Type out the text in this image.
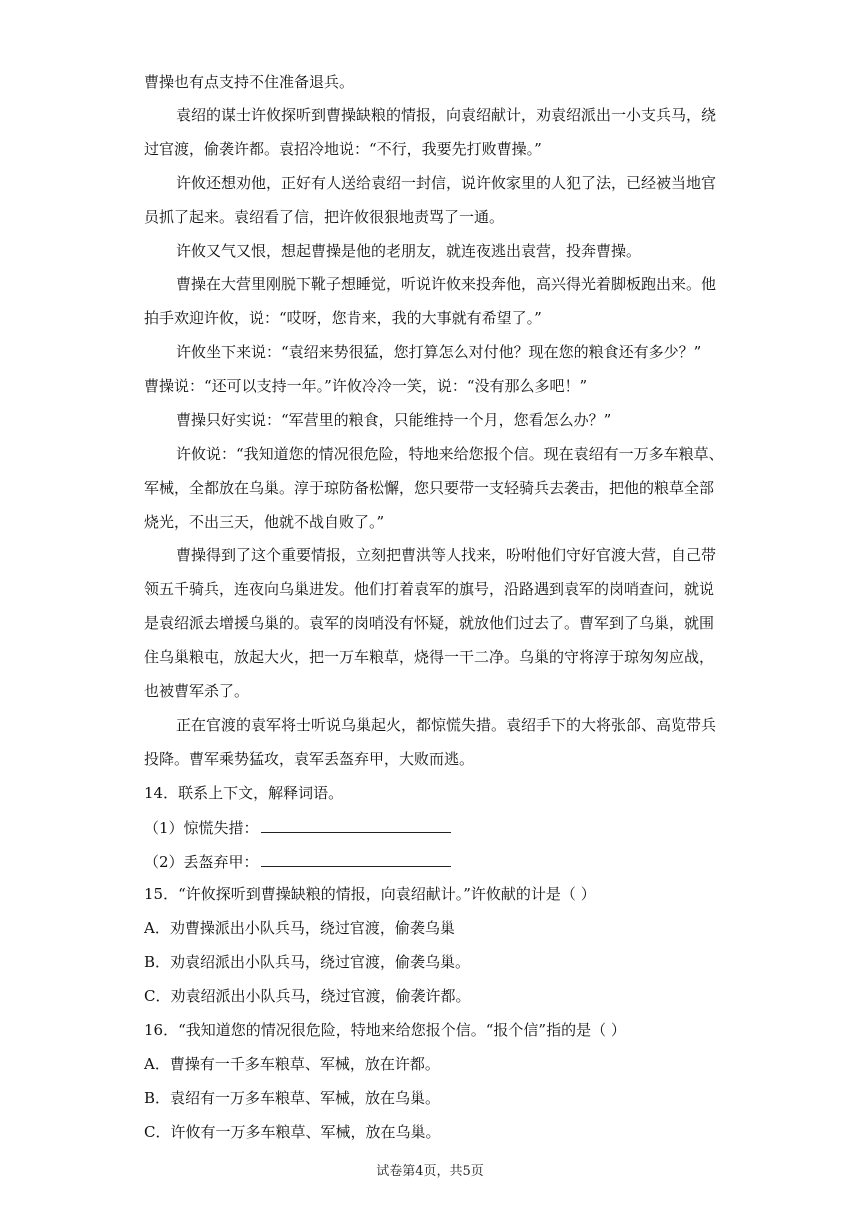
曹操也有点支持不住准备退兵。
袁绍的谋士许攸探听到曹操缺粮的情报，向袁绍献计，劝袁绍派出一小支兵马，绕
过官渡，偷袭许都。袁招冷地说：“不行，我要先打败曹操。”
许攸还想劝他，正好有人送给袁绍一封信，说许攸家里的人犯了法，已经被当地官
员抓了起来。袁绍看了信，把许攸很狠地责骂了一通。
许攸又气又恨，想起曹操是他的老朋友，就连夜逃出袁营，投奔曹操。
曹操在大营里刚脱下靴子想睡觉，听说许攸来投奔他，高兴得光着脚板跑出来。他
拍手欢迎许攸，说：“哎呀，您肯来，我的大事就有希望了。”
许攸坐下来说：“袁绍来势很猛，您打算怎么对付他？现在您的粮食还有多少？”
曹操说：“还可以支持一年。”许攸冷冷一笑，说：“没有那么多吧！”
曹操只好实说：“军营里的粮食，只能维持一个月，您看怎么办？”
许攸说：“我知道您的情况很危险，特地来给您报个信。现在袁绍有一万多车粮草、
军械，全都放在乌巢。淳于琼防备松懈，您只要带一支轻骑兵去袭击，把他的粮草全部
烧光，不出三天，他就不战自败了。”
曹操得到了这个重要情报，立刻把曹洪等人找来，吩咐他们守好官渡大营，自己带
领五千骑兵，连夜向乌巢进发。他们打着袁军的旗号，沿路遇到袁军的岗哨查问，就说
是袁绍派去增援乌巢的。袁军的岗哨没有怀疑，就放他们过去了。曹军到了乌巢，就围
住乌巢粮屯，放起大火，把一万车粮草，烧得一干二净。乌巢的守将淳于琼匆匆应战，
也被曹军杀了。
正在官渡的袁军将士听说乌巢起火，都惊慌失措。袁绍手下的大将张郃、高览带兵
投降。曹军乘势猛攻，袁军丢盔弃甲，大败而逃。
14．联系上下文，解释词语。
（1）惊慌失措：
（2）丢盔弃甲：
15．“许攸探听到曹操缺粮的情报，向袁绍献计。”许攸献的计是（ ）
A．劝曹操派出小队兵马，绕过官渡，偷袭乌巢
B．劝袁绍派出小队兵马，绕过官渡，偷袭乌巢。
C．劝袁绍派出小队兵马，绕过官渡，偷袭许都。
16．“我知道您的情况很危险，特地来给您报个信。“报个信”指的是（ ）
A．曹操有一千多车粮草、军械，放在许都。
B．袁绍有一万多车粮草、军械，放在乌巢。
C．许攸有一万多车粮草、军械，放在乌巢。
试卷第4页，共5页
